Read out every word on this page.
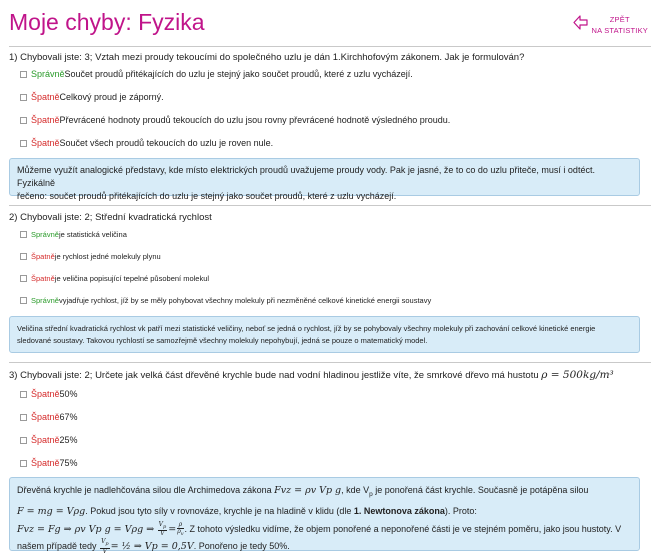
Moje chyby: Fyzika	ZPĚT
NA STATISTIKY
1) Chybovali jste: 3; Vztah mezi proudy tekoucími do společného uzlu je dán 1.Kirchhofovým zákonem. Jak je formulován?
Správně Součet proudů přitékajících do uzlu je stejný jako součet proudů, které z uzlu vycházejí.
Špatně Celkový proud je záporný.
Špatně Převrácené hodnoty proudů tekoucích do uzlu jsou rovny převrácené hodnotě výsledného proudu.
Špatně Součet všech proudů tekoucích do uzlu je roven nule.
Můžeme využít analogické představy, kde místo elektrických proudů uvažujeme proudy vody. Pak je jasné, že to co do uzlu přiteče, musí i odtéct. Fyzikálně
řečeno: součet proudů přitékajících do uzlu je stejný jako součet proudů, které z uzlu vycházejí.
2) Chybovali jste: 2; Střední kvadratická rychlost
Správně je statistická veličina
Špatně je rychlost jedné molekuly plynu
Špatně je veličina popisující tepelné působení molekul
Správně vyjadřuje rychlost, jíž by se měly pohybovat všechny molekuly při nezměněné celkové kinetické energii soustavy
Veličina střední kvadratická rychlost vk patří mezi statistické veličiny, neboť se jedná o rychlost, jíž by se pohybovaly všechny molekuly při zachování celkové kinetické energie
sledované soustavy. Takovou rychlostí se samozřejmě všechny molekuly nepohybují, jedná se pouze o matematický model.
3) Chybovali jste: 2; Určete jak velká část dřevěné krychle bude nad vodní hladinou jestliže víte, že smrkové dřevo má hustotu ρ = 500kg/m³
Špatně 50%
Špatně 67%
Špatně 25%
Špatně 75%
Dřevěná krychle je nadlehčována silou dle Archimedova zákona Fvz = ρv Vp g, kde $V_p$ je ponořená část krychle. Současně je potápěna silou
F = mg = Vρg. Pokud jsou tyto síly v rovnováze, krychle je na hladině v klidu (dle 1. Newtonova zákona). Proto:
Fvz = Fg ⇒ ρv Vp g = Vρg ⇒ $\frac{V_p}{V} = \frac{\rho}{\rho_v}$ . Z tohoto výsledku vidíme, že objem ponořené a neponořené části je ve stejném poměru, jako jsou hustoty. V
našem případě tedy $\frac{V_p}{V}$ = ½ ⇒ Vp = 0,5V. Ponořeno je tedy 50%.
